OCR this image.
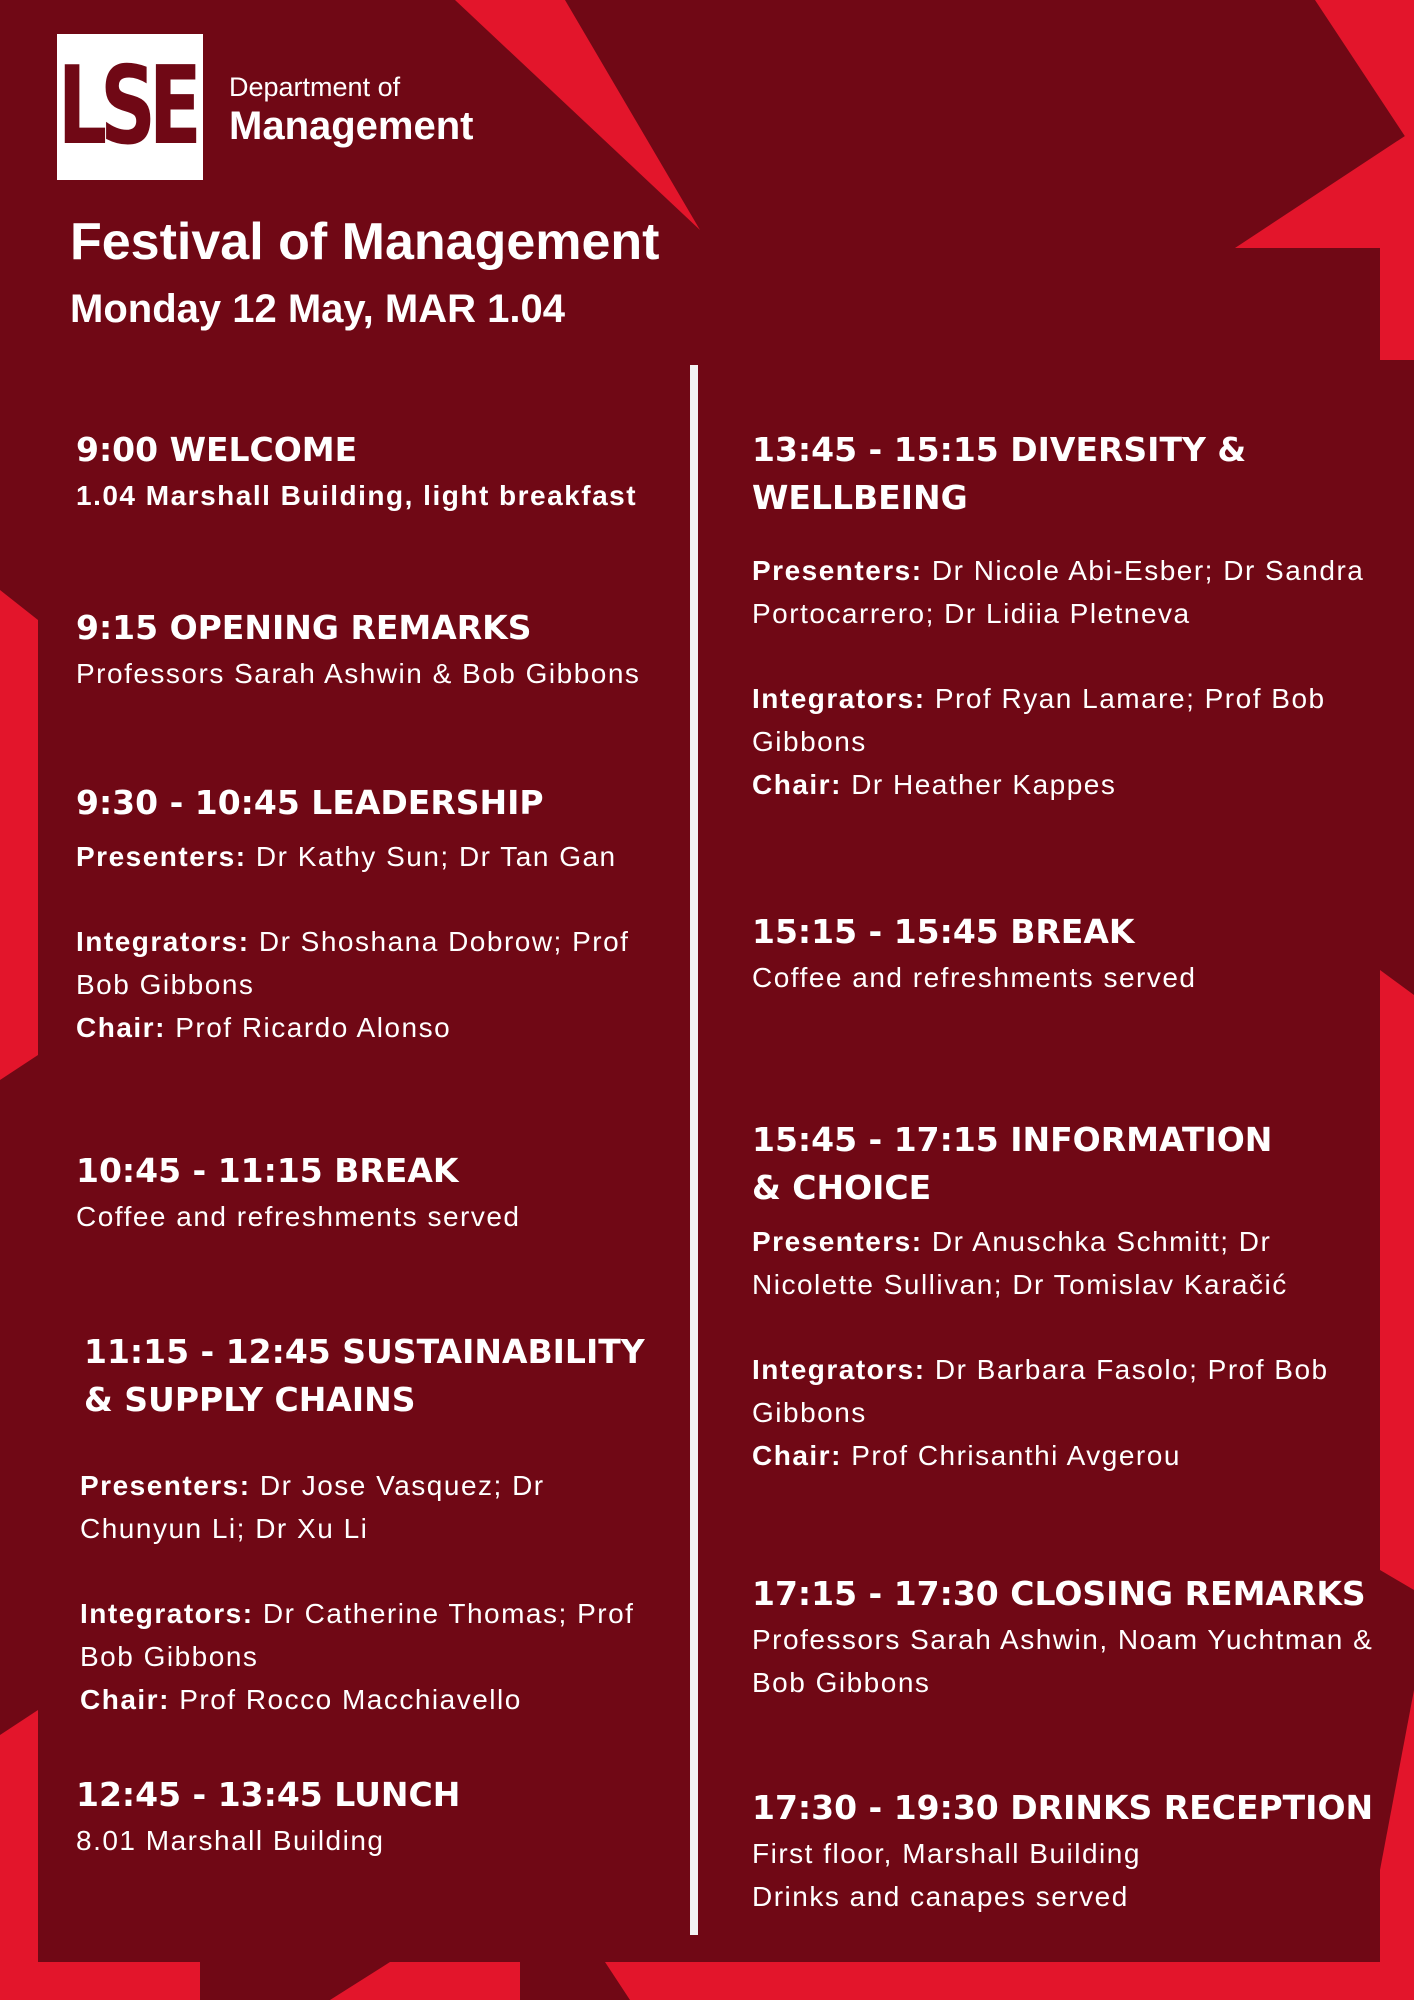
LSE Department of
Management
Festival of Management
Monday 12 May, MAR 1.04
9:00 WELCOME
1.04 Marshall Building, light breakfast
9:15 OPENING REMARKS
Professors Sarah Ashwin & Bob Gibbons
9:30 - 10:45 LEADERSHIP
Presenters: Dr Kathy Sun; Dr Tan Gan
Integrators: Dr Shoshana Dobrow; Prof Bob Gibbons
Chair: Prof Ricardo Alonso
10:45 - 11:15 BREAK
Coffee and refreshments served
11:15 - 12:45 SUSTAINABILITY & SUPPLY CHAINS
Presenters: Dr Jose Vasquez; Dr Chunyun Li; Dr Xu Li
Integrators: Dr Catherine Thomas; Prof Bob Gibbons
Chair: Prof Rocco Macchiavello
12:45 - 13:45 LUNCH
8.01 Marshall Building
13:45 - 15:15 DIVERSITY & WELLBEING
Presenters: Dr Nicole Abi-Esber; Dr Sandra Portocarrero; Dr Lidiia Pletneva
Integrators: Prof Ryan Lamare; Prof Bob Gibbons
Chair: Dr Heather Kappes
15:15 - 15:45 BREAK
Coffee and refreshments served
15:45 - 17:15 INFORMATION & CHOICE
Presenters: Dr Anuschka Schmitt; Dr Nicolette Sullivan; Dr Tomislav Karačić
Integrators: Dr Barbara Fasolo; Prof Bob Gibbons
Chair: Prof Chrisanthi Avgerou
17:15 - 17:30 CLOSING REMARKS
Professors Sarah Ashwin, Noam Yuchtman & Bob Gibbons
17:30 - 19:30 DRINKS RECEPTION
First floor, Marshall Building
Drinks and canapes served
